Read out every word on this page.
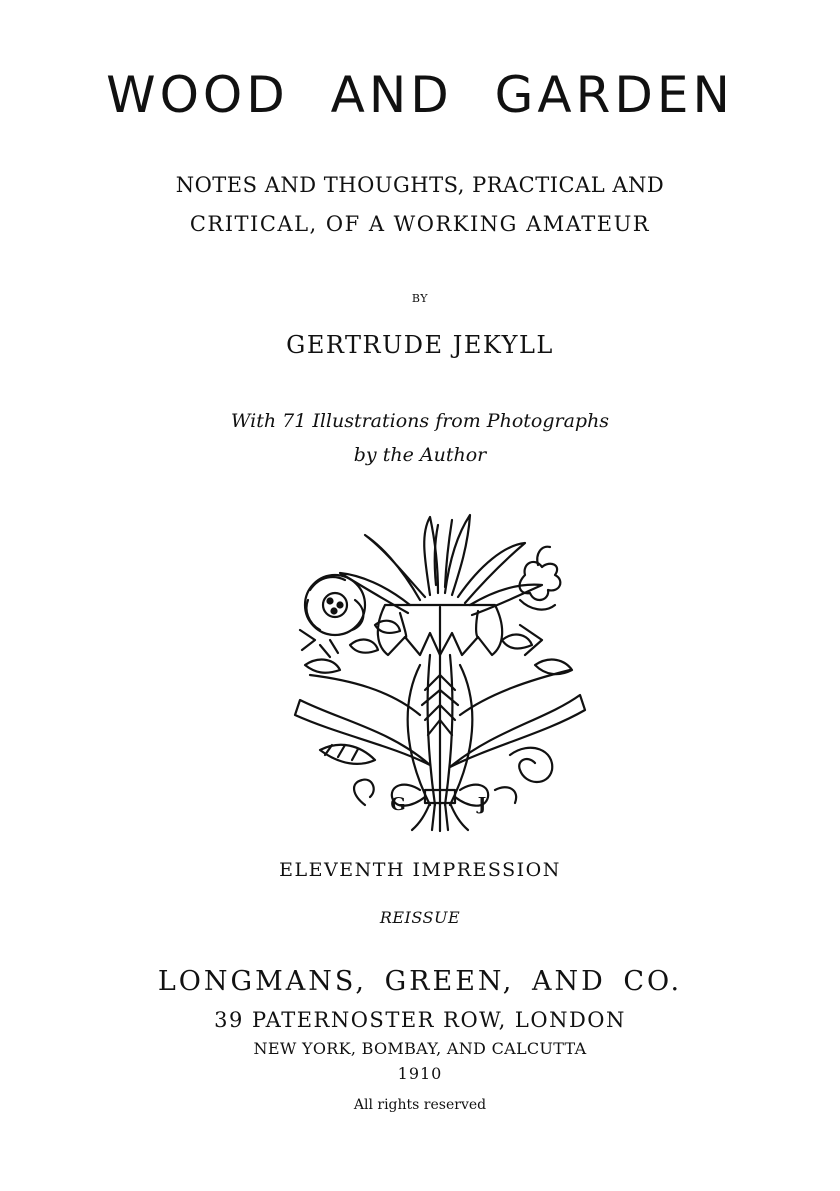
WOOD AND GARDEN

NOTES AND THOUGHTS, PRACTICAL AND

CRITICAL, OF A WORKING AMATEUR

BY

GERTRUDE JEKYLL

With 71 Illustrations from Photographs

by the Author

G	J

ELEVENTH IMPRESSION

REISSUE

LONGMANS, GREEN, AND CO.

39 PATERNOSTER ROW, LONDON

NEW YORK, BOMBAY, AND CALCUTTA

1910

All rights reserved
